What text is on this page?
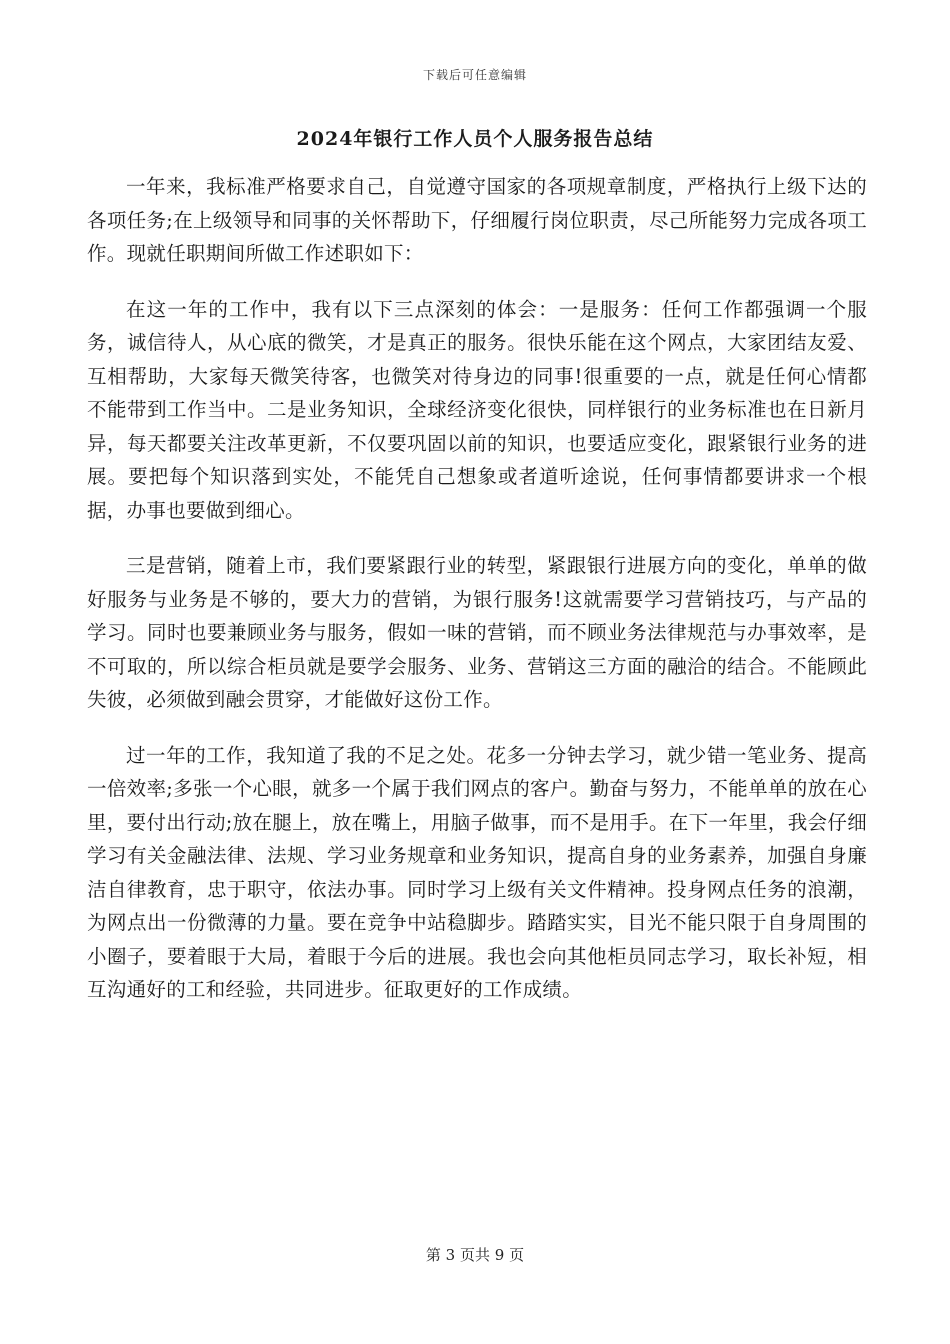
下载后可任意编辑
2024年银行工作人员个人服务报告总结

一年来，我标准严格要求自己，自觉遵守国家的各项规章制度，严格执行上级下达的各项任务;在上级领导和同事的关怀帮助下，仔细履行岗位职责，尽己所能努力完成各项工作。现就任职期间所做工作述职如下：

在这一年的工作中，我有以下三点深刻的体会：一是服务：任何工作都强调一个服务，诚信待人，从心底的微笑，才是真正的服务。很快乐能在这个网点，大家团结友爱、互相帮助，大家每天微笑待客，也微笑对待身边的同事!很重要的一点，就是任何心情都不能带到工作当中。二是业务知识，全球经济变化很快，同样银行的业务标准也在日新月异，每天都要关注改革更新，不仅要巩固以前的知识，也要适应变化，跟紧银行业务的进展。要把每个知识落到实处，不能凭自己想象或者道听途说，任何事情都要讲求一个根据，办事也要做到细心。

三是营销，随着上市，我们要紧跟行业的转型，紧跟银行进展方向的变化，单单的做好服务与业务是不够的，要大力的营销，为银行服务!这就需要学习营销技巧，与产品的学习。同时也要兼顾业务与服务，假如一味的营销，而不顾业务法律规范与办事效率，是不可取的，所以综合柜员就是要学会服务、业务、营销这三方面的融洽的结合。不能顾此失彼，必须做到融会贯穿，才能做好这份工作。

过一年的工作，我知道了我的不足之处。花多一分钟去学习，就少错一笔业务、提高一倍效率;多张一个心眼，就多一个属于我们网点的客户。勤奋与努力，不能单单的放在心里，要付出行动;放在腿上，放在嘴上，用脑子做事，而不是用手。在下一年里，我会仔细学习有关金融法律、法规、学习业务规章和业务知识，提高自身的业务素养，加强自身廉洁自律教育，忠于职守，依法办事。同时学习上级有关文件精神。投身网点任务的浪潮，为网点出一份微薄的力量。要在竞争中站稳脚步。踏踏实实，目光不能只限于自身周围的小圈子，要着眼于大局，着眼于今后的进展。我也会向其他柜员同志学习，取长补短，相互沟通好的工和经验，共同进步。征取更好的工作成绩。

第 3 页共 9 页
